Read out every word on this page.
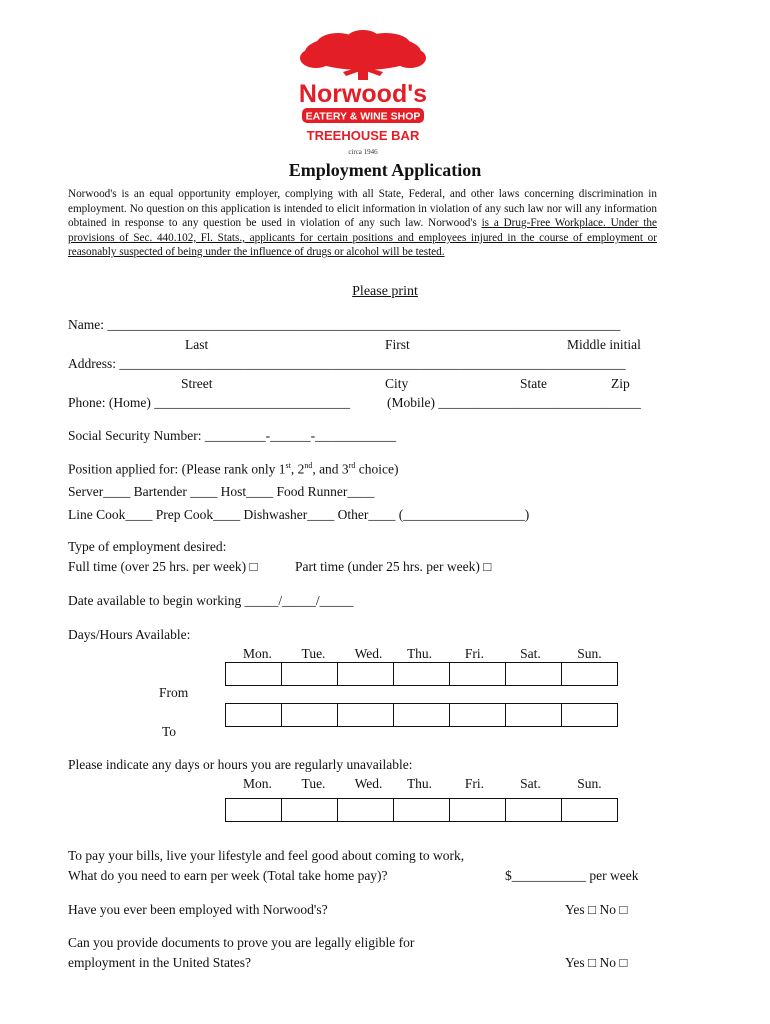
Norwood's
EATERY & WINE SHOP
TREEHOUSE BAR
circa 1946
Employment Application
Norwood's is an equal opportunity employer, complying with all State, Federal, and other laws concerning discrimination in employment. No question on this application is intended to elicit information in violation of any such law nor will any information obtained in response to any question be used in violation of any such law. Norwood's is a Drug-Free Workplace. Under the provisions of Sec. 440.102, Fl. Stats., applicants for certain positions and employees injured in the course of employment or reasonably suspected of being under the influence of drugs or alcohol will be tested.
Please print
Name: ____________________________________________________________________________
Last	First	Middle initial
Address: ___________________________________________________________________________
Street	City	State	Zip
Phone: (Home) _____________________________	(Mobile) ______________________________
Social Security Number: _________-______-____________
Position applied for: (Please rank only 1st, 2nd, and 3rd choice)
Server____ Bartender ____ Host____ Food Runner____
Line Cook____ Prep Cook____ Dishwasher____ Other____ (__________________)
Type of employment desired:
Full time (over 25 hrs. per week) □	Part time (under 25 hrs. per week) □
Date available to begin working _____/_____/_____
Days/Hours Available:
Mon.	Tue.	Wed.	Thu.	Fri.	Sat.	Sun.

From

To
Please indicate any days or hours you are regularly unavailable:
Mon.	Tue.	Wed.	Thu.	Fri.	Sat.	Sun.

To pay your bills, live your lifestyle and feel good about coming to work,
What do you need to earn per week (Total take home pay)?	$___________ per week
Have you ever been employed with Norwood's?	Yes □ No □
Can you provide documents to prove you are legally eligible for
employment in the United States?	Yes □ No □
